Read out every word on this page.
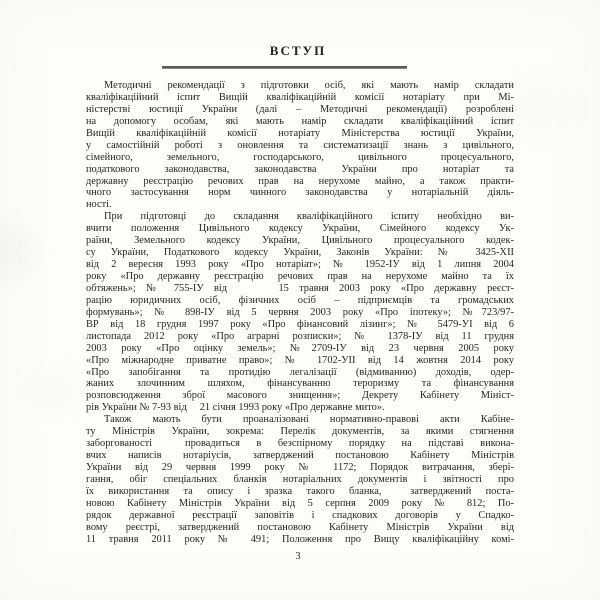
ВСТУП
Методичні рекомендації з підготовки осіб, які мають намір складати
кваліфікаційний іспит Вищій кваліфікаційній комісії нотаріату при Мі-
ністерстві юстиції України (далі – Методичні рекомендації) розроблені
на допомогу особам, які мають намір складати кваліфікаційний іспит
Вищій кваліфікаційній комісії нотаріату Міністерства юстиції України,
у самостійній роботі з оновлення та систематизації знань з цивільного,
сімейного, земельного, господарського, цивільного процесуального,
податкового законодавства, законодавства України про нотаріат та
державну реєстрацію речових прав на нерухоме майно, а також практи-
чного застосування норм чинного законодавства у нотаріальній діяль-
ності.
При підготовці до складання кваліфікаційного іспиту необхідно ви-
вчити положення Цивільного кодексу України, Сімейного кодексу Ук-
раїни, Земельного кодексу України, Цивільного процесуального кодек-
су України, Податкового кодексу України, Законів України: № 3425-ХІІ
від 2 вересня 1993 року «Про нотаріат»; № 1952-ІУ від 1 липня 2004
року «Про державну реєстрацію речових прав на нерухоме майно та їх
обтяжень»; № 755-ІУ від     15 травня 2003 року «Про державну реєст-
рацію юридичних осіб, фізичних осіб – підприємців та громадських
формувань»; № 898-ІУ від 5 червня 2003 року «Про іпотеку»; №723/97-
ВР від 18 грудня 1997 року «Про фінансовий лізинг»; № 5479-УІ від 6
листопада 2012 року «Про аграрні розписки»; № 1378-ІУ від 11 грудня
2003 року «Про оцінку земель»; №2709-ІУ від 23 червня 2005 року
«Про міжнародне приватне право»; № 1702-УІІ від 14 жовтня 2014 року
«Про запобігання та протидію легалізації (відмиванню) доходів, одер-
жаних злочинним шляхом, фінансуванню тероризму та фінансування
розповсюдження зброї масового знищення»; Декрету Кабінету Мініст-
рів України № 7-93 від     21 січня 1993 року «Про державне мито».
Також мають бути проаналізовані нормативно-правові акти Кабіне-
ту Міністрів України, зокрема: Перелік документів, за якими стягнення
заборгованості  провадиться в безспірному порядку на підставі викона-
вчих написів нотаріусів, затверджений постановою Кабінету Міністрів
України від 29 червня 1999 року № 1172; Порядок витрачання, збері-
гання, обіг спеціальних бланків нотаріальних документів і звітності про
їх використання та опису і зразка такого бланка,  затверджений поста-
новою Кабінету Міністрів України від 5 серпня 2009 року № 812; По-
рядок державної реєстрації заповітів і спадкових договорів у Спадко-
вому реєстрі, затверджений постановою Кабінету Міністрів України від
11 травня 2011 року № 491; Положення про Вищу кваліфікаційну комі-
3
